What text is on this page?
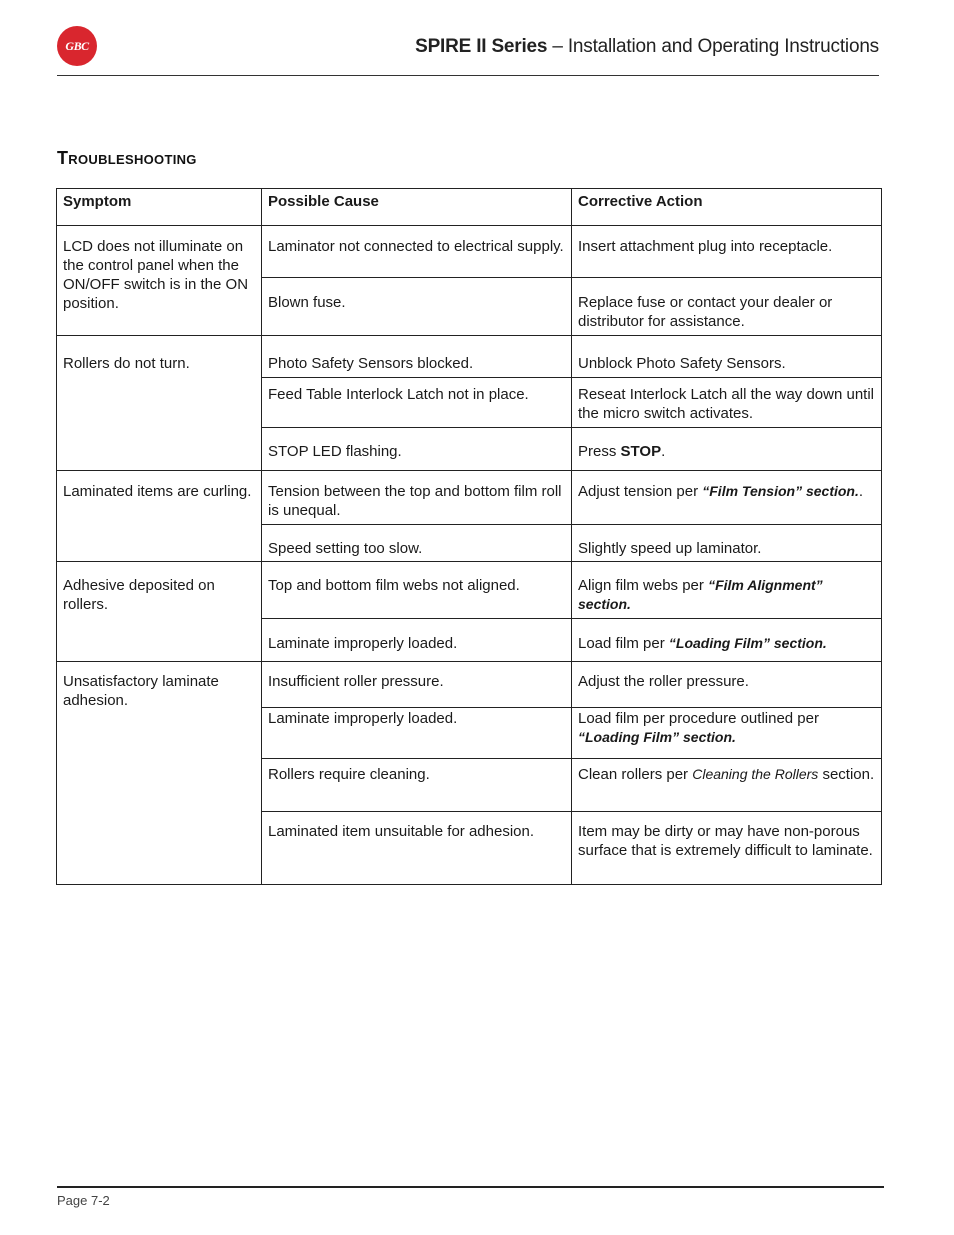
GBC	SPIRE II Series – Installation and Operating Instructions
Troubleshooting
Symptom	Possible Cause	Corrective Action
LCD does not illuminate on the control panel when the ON/OFF switch is in the ON position.	Laminator not connected to electrical supply.	Insert attachment plug into receptacle.
	Blown fuse.	Replace fuse or contact your dealer or distributor for assistance.
Rollers do not turn.	Photo Safety Sensors blocked.	Unblock Photo Safety Sensors.
	Feed Table Interlock Latch not in place.	Reseat Interlock Latch all the way down until the micro switch activates.
	STOP LED flashing.	Press STOP.
Laminated items are curling.	Tension between the top and bottom film roll is unequal.	Adjust tension per “Film Tension” section..
	Speed setting too slow.	Slightly speed up laminator.
Adhesive deposited on rollers.	Top and bottom film webs not aligned.	Align film webs per “Film Alignment” section.
	Laminate improperly loaded.	Load film per “Loading Film” section.
Unsatisfactory laminate adhesion.	Insufficient roller pressure.	Adjust the roller pressure.
	Laminate improperly loaded.	Load film per procedure outlined per “Loading Film” section.
	Rollers require cleaning.	Clean rollers per Cleaning the Rollers section.
	Laminated item unsuitable for adhesion.	Item may be dirty or may have non-porous surface that is extremely difficult to laminate.
Page 7-2
